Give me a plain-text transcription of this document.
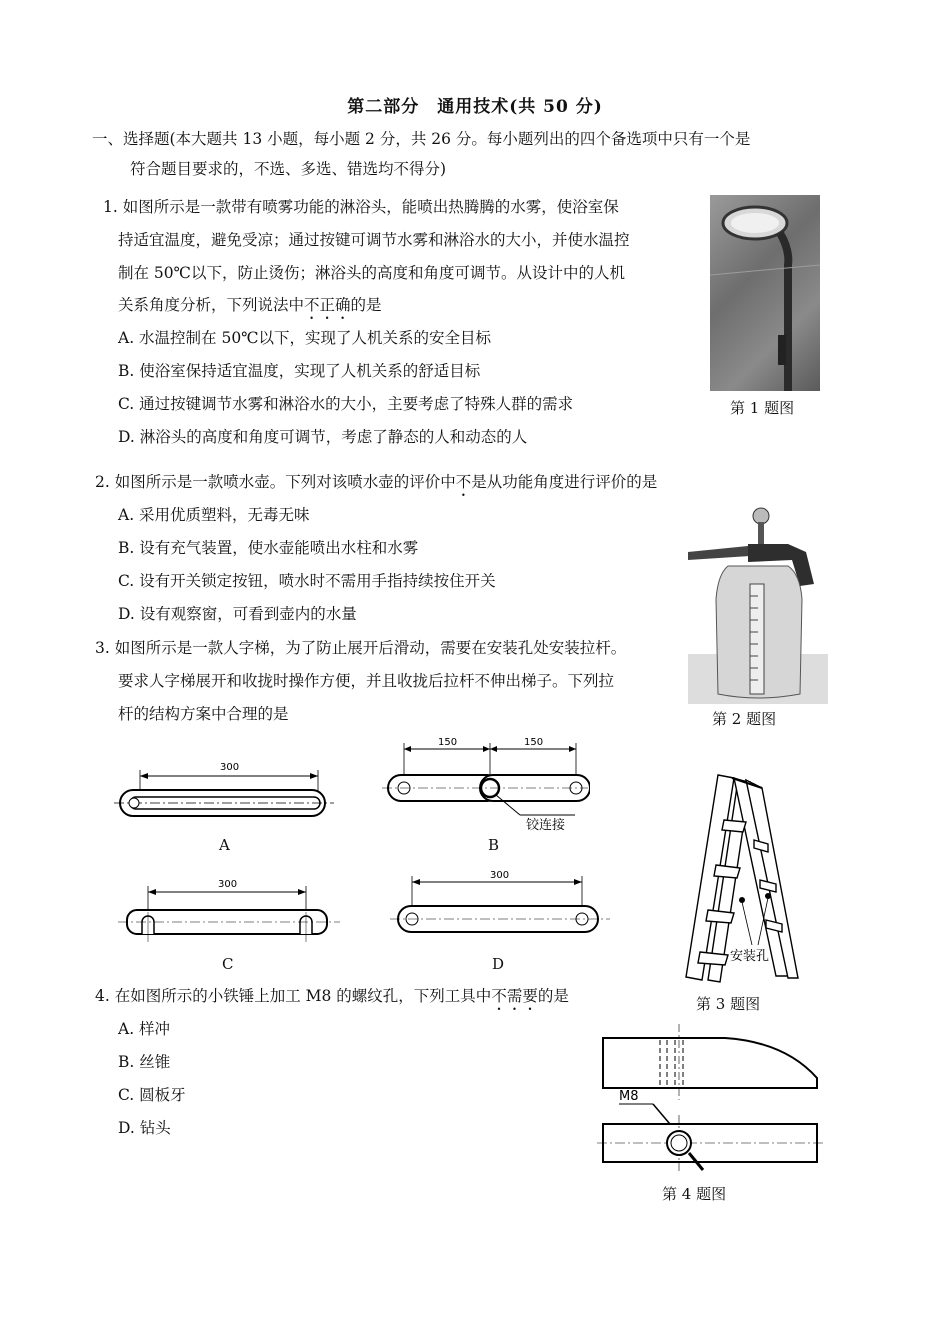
第二部分　通用技术(共 50 分)
一、选择题(本大题共 13 小题，每小题 2 分，共 26 分。每小题列出的四个备选项中只有一个是
符合题目要求的，不选、多选、错选均不得分)
1. 如图所示是一款带有喷雾功能的淋浴头，能喷出热腾腾的水雾，使浴室保
持适宜温度，避免受凉；通过按键可调节水雾和淋浴水的大小，并使水温控
制在 50℃以下，防止烫伤；淋浴头的高度和角度可调节。从设计中的人机
关系角度分析，下列说法中不正确的是
A. 水温控制在 50℃以下，实现了人机关系的安全目标
B. 使浴室保持适宜温度，实现了人机关系的舒适目标
C. 通过按键调节水雾和淋浴水的大小，主要考虑了特殊人群的需求
D. 淋浴头的高度和角度可调节，考虑了静态的人和动态的人
第 1 题图
2. 如图所示是一款喷水壶。下列对该喷水壶的评价中不是从功能角度进行评价的是
A. 采用优质塑料，无毒无味
B. 设有充气装置，使水壶能喷出水柱和水雾
C. 设有开关锁定按钮，喷水时不需用手指持续按住开关
D. 设有观察窗，可看到壶内的水量
第 2 题图
3. 如图所示是一款人字梯，为了防止展开后滑动，需要在安装孔处安装拉杆。
要求人字梯展开和收拢时操作方便，并且收拢后拉杆不伸出梯子。下列拉
杆的结构方案中合理的是
300
A
150	150
铰连接
B
300
C
300
D	安装孔
第 3 题图
4. 在如图所示的小铁锤上加工 M8 的螺纹孔，下列工具中不需要的是
A. 样冲
B. 丝锥
C. 圆板牙
D. 钻头
M8
第 4 题图
